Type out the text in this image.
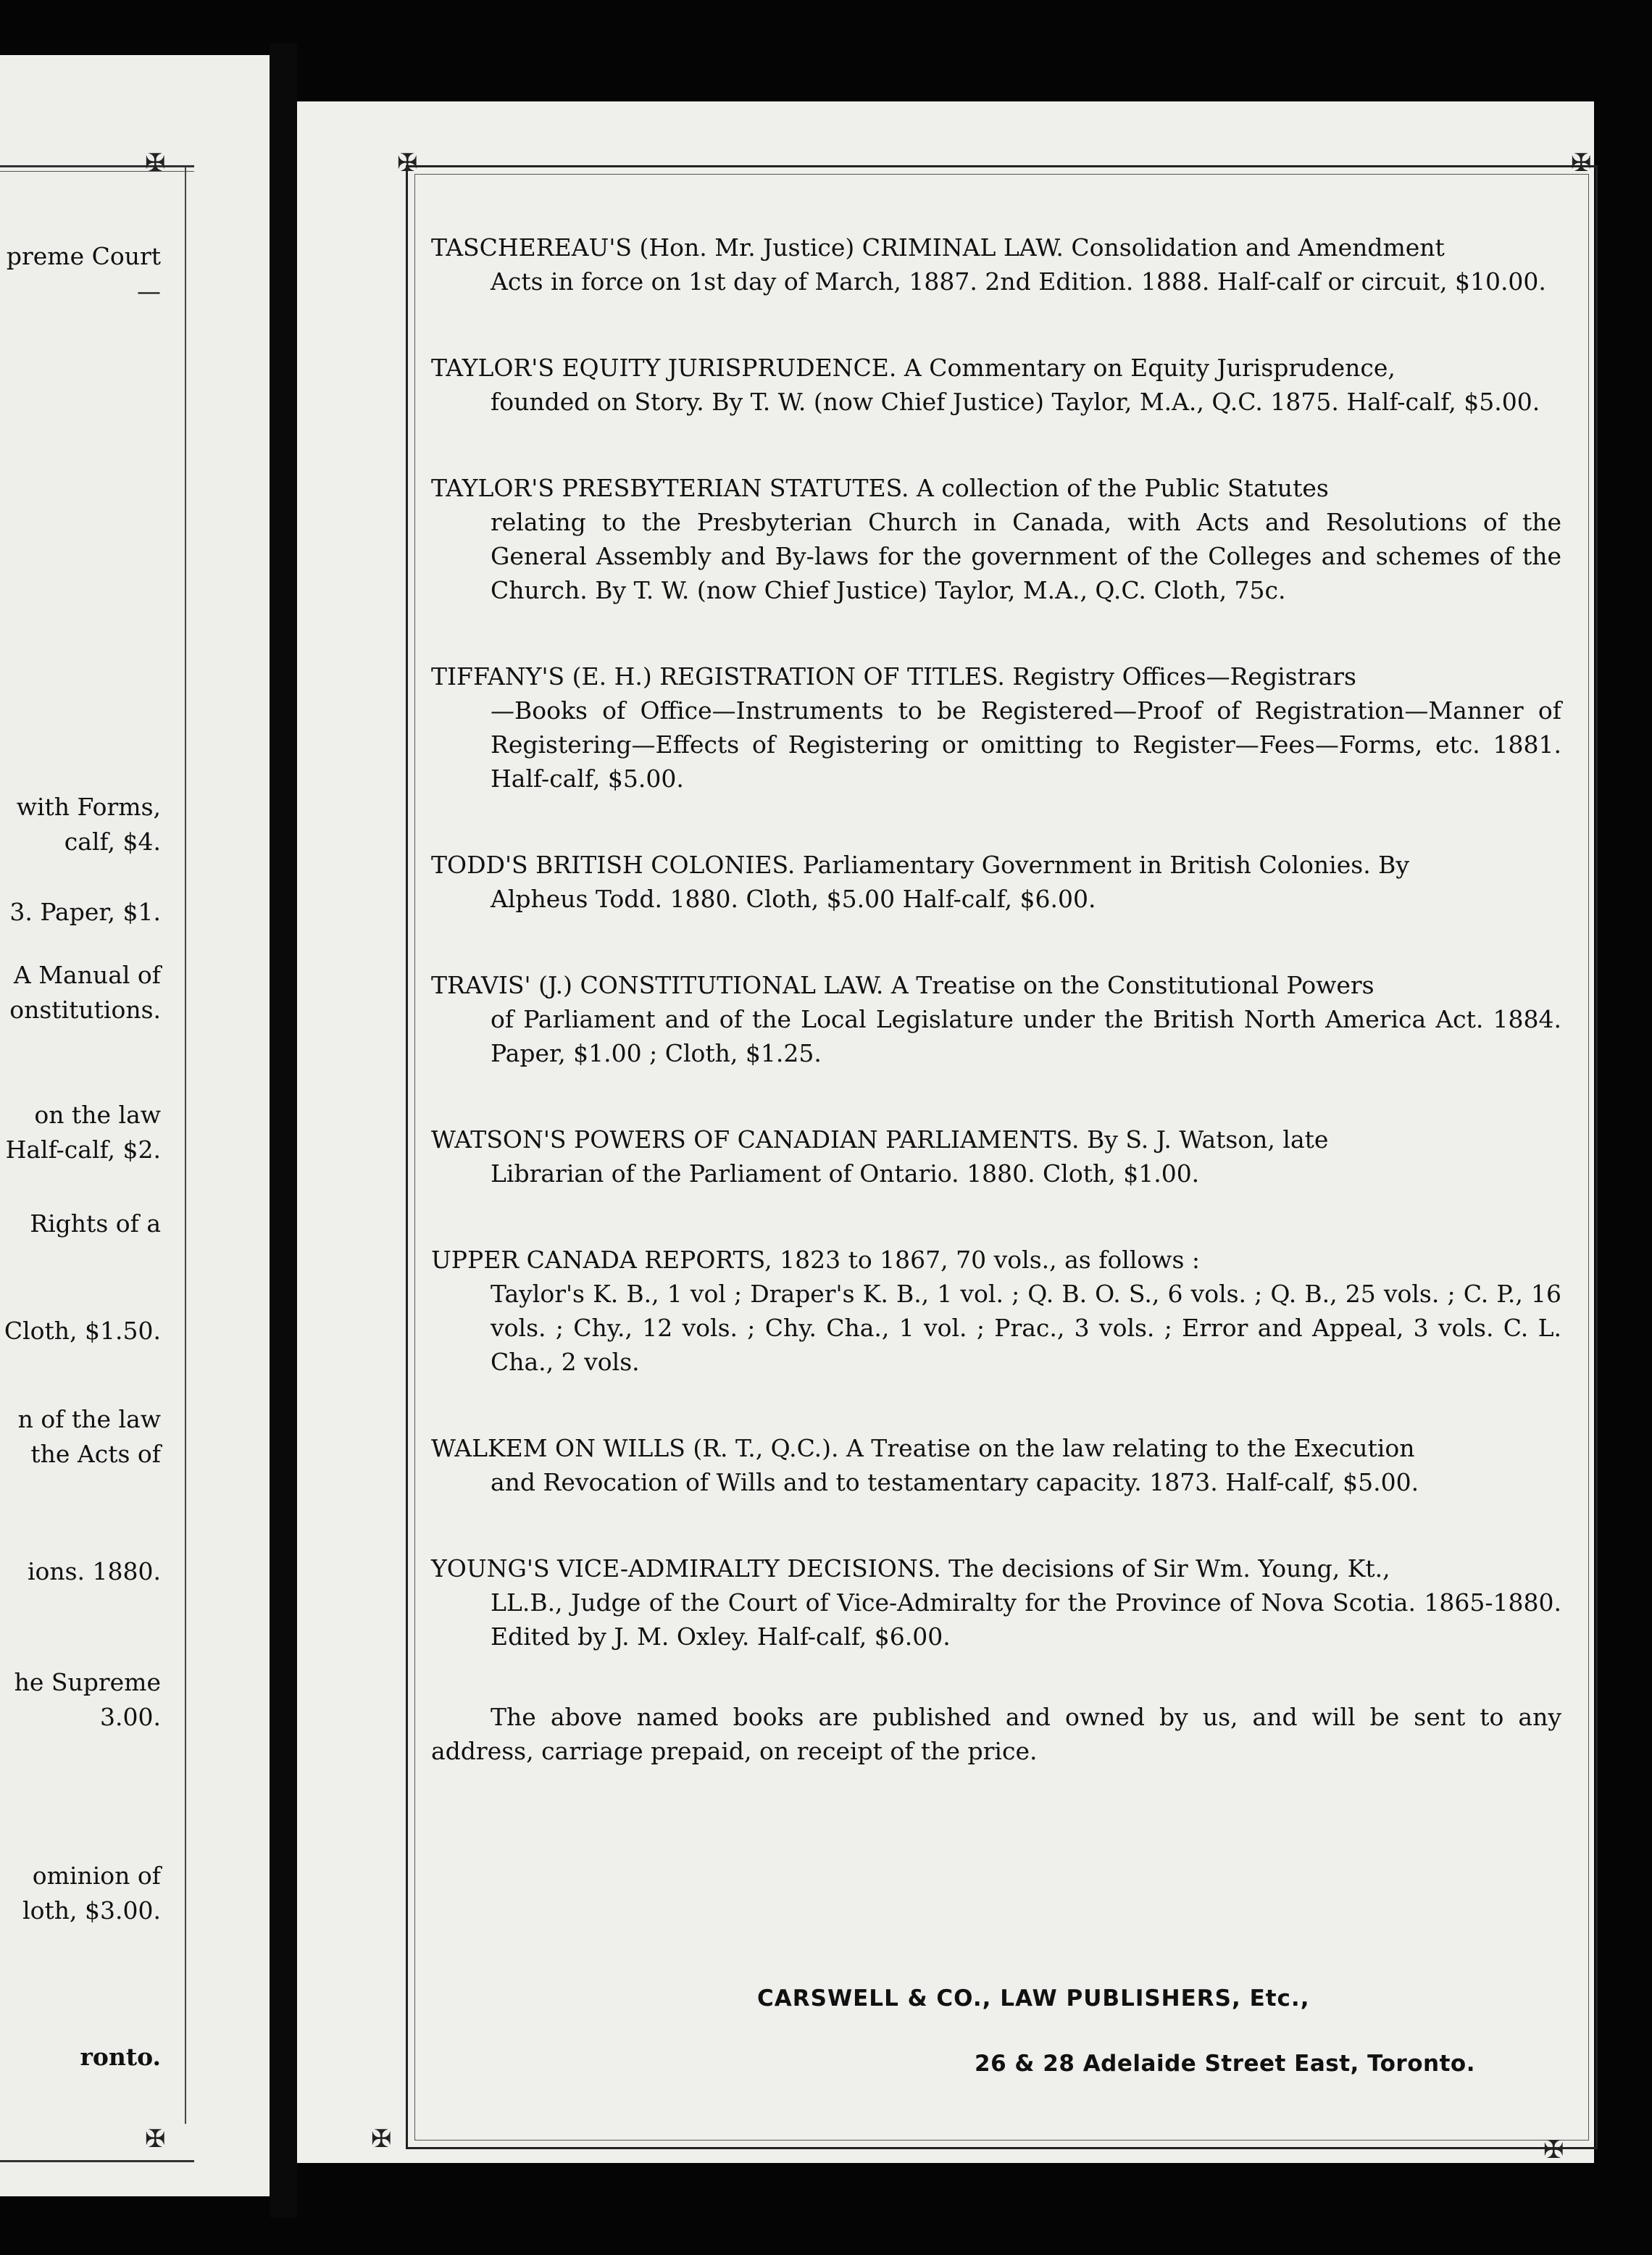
preme Court
—
with Forms,
calf, $4.
3. Paper, $1.
A Manual of
onstitutions.
on the law
Half-calf, $2.
Rights of a
Cloth, $1.50.
n of the law
the Acts of
ions. 1880.
he Supreme
3.00.
ominion of
loth, $3.00.
ronto.
✠	✠
✠	✠
✠
✠
TASCHEREAU'S (Hon. Mr. Justice) CRIMINAL LAW. Consolidation and Amendment
Acts in force on 1st day of March, 1887. 2nd Edition. 1888. Half-calf or circuit, $10.00.
TAYLOR'S EQUITY JURISPRUDENCE. A Commentary on Equity Jurisprudence,
founded on Story. By T. W. (now Chief Justice) Taylor, M.A., Q.C. 1875. Half-calf, $5.00.
TAYLOR'S PRESBYTERIAN STATUTES. A collection of the Public Statutes
relating to the Presbyterian Church in Canada, with Acts and Resolutions of the General Assembly and By-laws for the government of the Colleges and schemes of the Church. By T. W. (now Chief Justice) Taylor, M.A., Q.C. Cloth, 75c.
TIFFANY'S (E. H.) REGISTRATION OF TITLES. Registry Offices—Registrars
—Books of Office—Instruments to be Registered—Proof of Registration—Manner of Registering—Effects of Registering or omitting to Register—Fees—Forms, etc. 1881. Half-calf, $5.00.
TODD'S BRITISH COLONIES. Parliamentary Government in British Colonies. By
Alpheus Todd. 1880. Cloth, $5.00 Half-calf, $6.00.
TRAVIS' (J.) CONSTITUTIONAL LAW. A Treatise on the Constitutional Powers
of Parliament and of the Local Legislature under the British North America Act. 1884. Paper, $1.00 ; Cloth, $1.25.
WATSON'S POWERS OF CANADIAN PARLIAMENTS. By S. J. Watson, late
Librarian of the Parliament of Ontario. 1880. Cloth, $1.00.
UPPER CANADA REPORTS, 1823 to 1867, 70 vols., as follows :
Taylor's K. B., 1 vol ; Draper's K. B., 1 vol. ; Q. B. O. S., 6 vols. ; Q. B., 25 vols. ; C. P., 16 vols. ; Chy., 12 vols. ; Chy. Cha., 1 vol. ; Prac., 3 vols. ; Error and Appeal, 3 vols. C. L. Cha., 2 vols.
WALKEM ON WILLS (R. T., Q.C.). A Treatise on the law relating to the Execution
and Revocation of Wills and to testamentary capacity. 1873. Half-calf, $5.00.
YOUNG'S VICE-ADMIRALTY DECISIONS. The decisions of Sir Wm. Young, Kt.,
LL.B., Judge of the Court of Vice-Admiralty for the Province of Nova Scotia. 1865-1880. Edited by J. M. Oxley. Half-calf, $6.00.
The above named books are published and owned by us, and will be sent to any address, carriage prepaid, on receipt of the price.
CARSWELL & CO., LAW PUBLISHERS, Etc.,
26 & 28 Adelaide Street East, Toronto.
